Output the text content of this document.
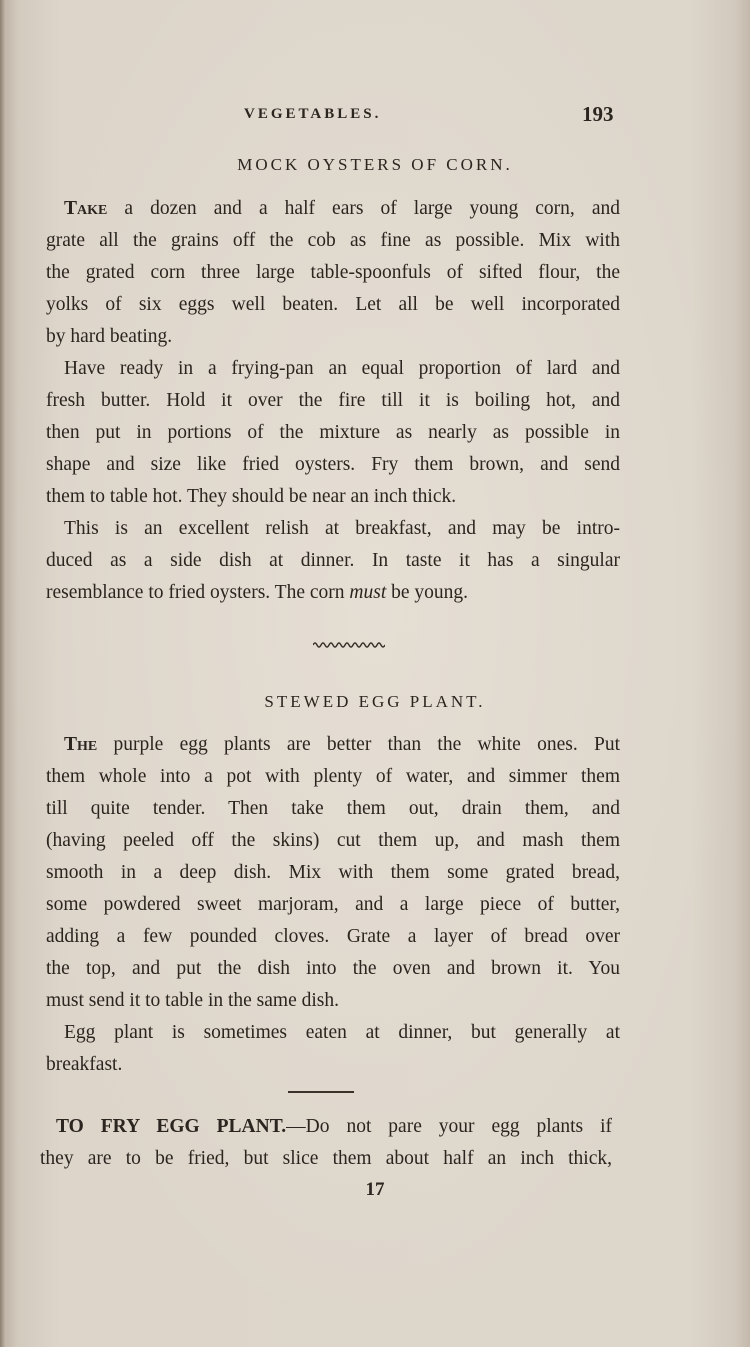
VEGETABLES.	193
MOCK OYSTERS OF CORN.
Take a dozen and a half ears of large young corn, and
grate all the grains off the cob as fine as possible. Mix with
the grated corn three large table-spoonfuls of sifted flour, the
yolks of six eggs well beaten. Let all be well incorporated
by hard beating.
Have ready in a frying-pan an equal proportion of lard and
fresh butter. Hold it over the fire till it is boiling hot, and
then put in portions of the mixture as nearly as possible in
shape and size like fried oysters. Fry them brown, and send
them to table hot. They should be near an inch thick.
This is an excellent relish at breakfast, and may be intro-
duced as a side dish at dinner. In taste it has a singular
resemblance to fried oysters. The corn must be young.
STEWED EGG PLANT.
The purple egg plants are better than the white ones. Put
them whole into a pot with plenty of water, and simmer them
till quite tender. Then take them out, drain them, and
(having peeled off the skins) cut them up, and mash them
smooth in a deep dish. Mix with them some grated bread,
some powdered sweet marjoram, and a large piece of butter,
adding a few pounded cloves. Grate a layer of bread over
the top, and put the dish into the oven and brown it. You
must send it to table in the same dish.
Egg plant is sometimes eaten at dinner, but generally at
breakfast.
TO FRY EGG PLANT.—Do not pare your egg plants if
they are to be fried, but slice them about half an inch thick,
17
